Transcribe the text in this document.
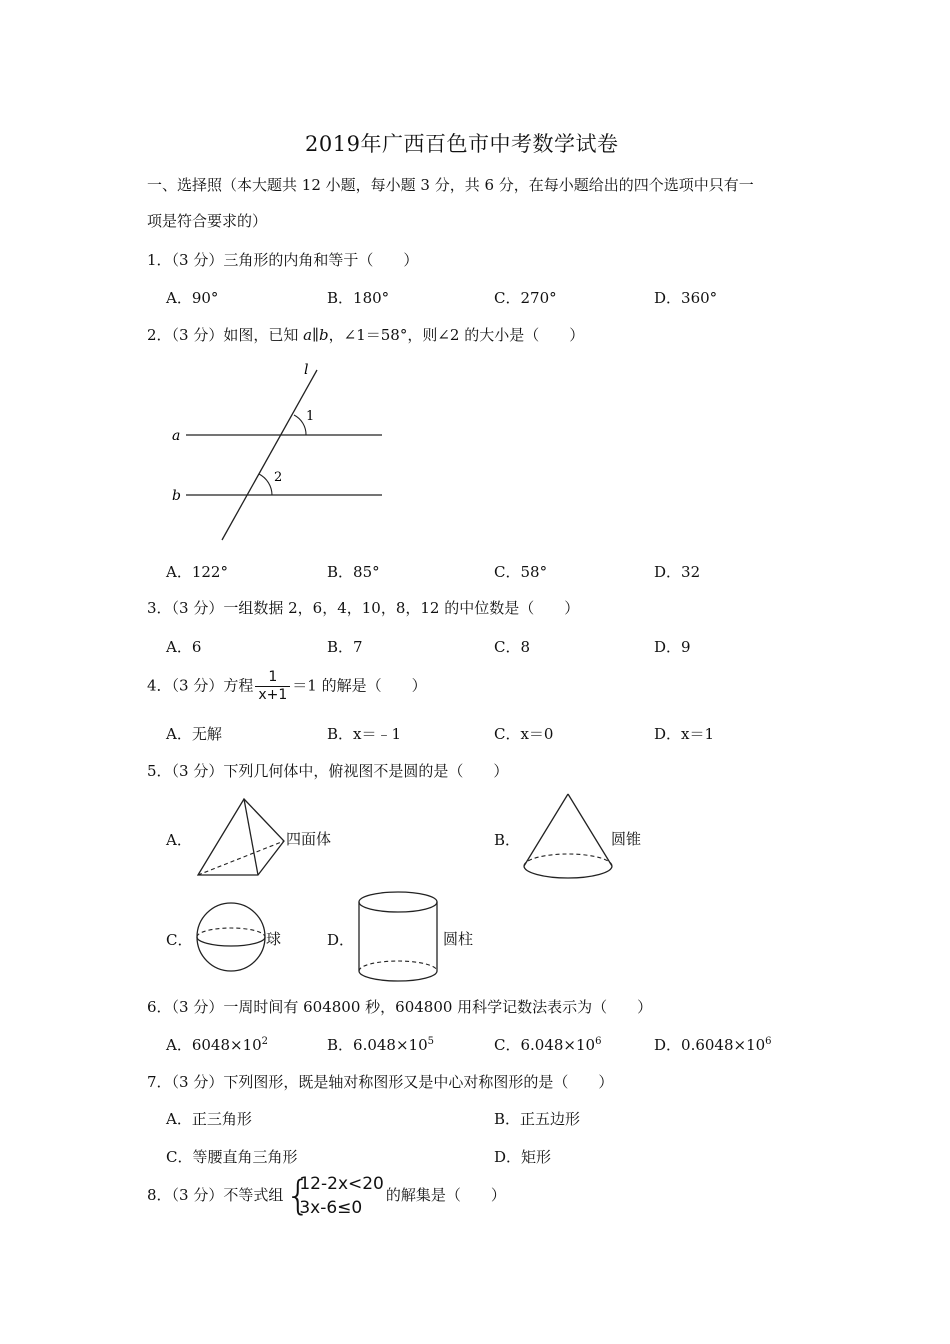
2019年广西百色市中考数学试卷
一、选择照（本大题共 12 小题，每小题 3 分，共 6 分，在每小题给出的四个选项中只有一
项是符合要求的）
1．（3 分）三角形的内角和等于（　　）
A．90°	B．180°	C．270°	D．360°
2．（3 分）如图，已知 a∥b，∠1＝58°，则∠2 的大小是（　　）
l
a
b
1
2
A．122°	B．85°	C．58°	D．32
3．（3 分）一组数据 2，6，4，10，8，12 的中位数是（　　）
A．6	B．7	C．8	D．9
4．（3 分）方程 $\frac{1}{x+1} =1$ 的解是（　　）
A．无解	B．x＝﹣1	C．x＝0	D．x＝1
5．（3 分）下列几何体中，俯视图不是圆的是（　　）
A．	四面体	B．	圆锥
C．	球	D．	圆柱
6．（3 分）一周时间有 604800 秒，604800 用科学记数法表示为（　　）
A．$6048\times 10^2$	B．$6.048\times 10^5$	C．$6.048\times 10^6$	D．$0.6048\times 10^6$
7．（3 分）下列图形，既是轴对称图形又是中心对称图形的是（　　）
A．正三角形	B．正五边形
C．等腰直角三角形	D．矩形
8．（3 分）不等式组 {
12-2x<20
3x-6≤0
的解集是（　　）
